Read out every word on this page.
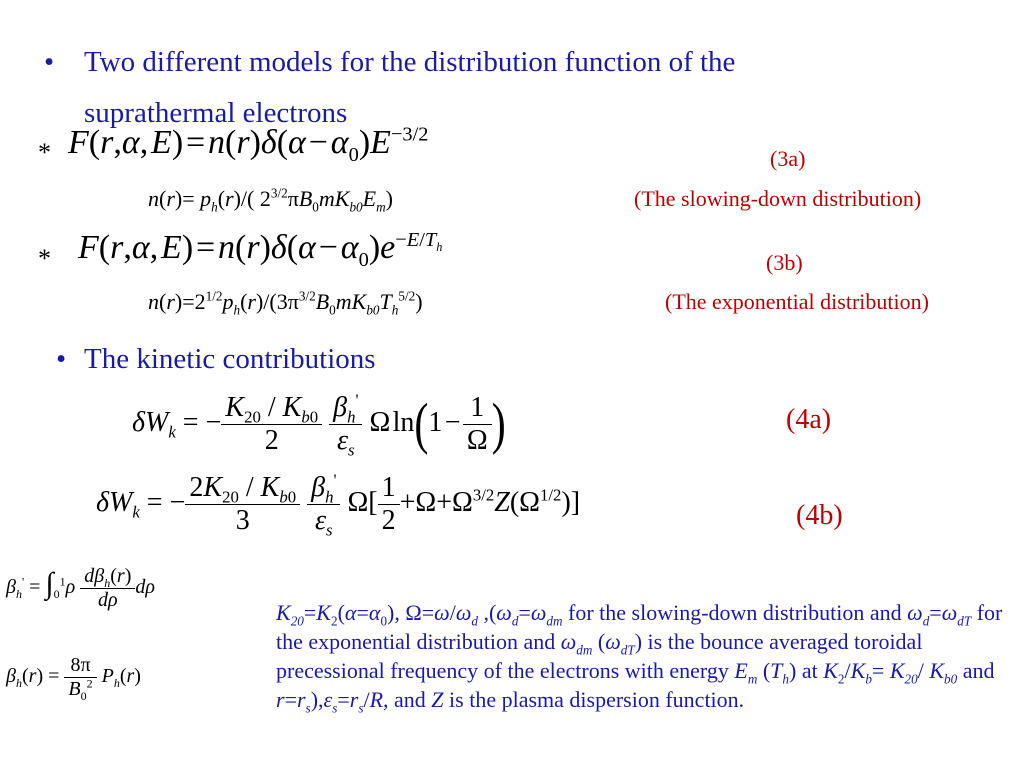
• Two different models for the distribution function of the
suprathermal electrons
* F(r,α, E) = n(r)δ(α − $\alpha_0)E^{-3/2}$
(3a)
$n(r)= p_h(r)/$( $2^{3/2}\pi B_0mK_{b0}E_m$)	(The slowing-down distribution)
* F(r,α, E) = n(r)δ(α − $\alpha_0)e^{-E/T_h}$
(3b)
$n(r)=2^{1/2}p_h(r)/(3\pi^{3/2}B_0mK_{b0}T_h^{5/2})$	(The exponential distribution)
• The kinetic contributions
$\delta W_k$ = − $\frac{K_{20} / K_{b0}}{2}$
$\frac{\beta_h'}{\varepsilon_s}$ Ω ln(1 −  $\frac{1}{\Omega}$ )	(4a)
$\delta W_k$ = − $\frac{2K_{20} / K_{b0}}{3}$
$\frac{\beta_h'}{\varepsilon_s} \Omega[ \frac{1}{2} +\Omega+\Omega^{3/2}Z(\Omega^{1/2})]$	(4b)
$\beta_h' = \int_0^1\rho \frac{d\beta_h(r)}{d\rho}$ dρ
$\beta_h(r) = \frac{8\pi}{B_0^2} P_h(r)$
$K_{20}=K_2(\alpha=\alpha_0)$, $\Omega=\omega/\omega_d$ $,(\omega_d=\omega_{dm}$ for the slowing-down distribution and $\omega_d=\omega_{dT}$ for the exponential distribution and $\omega_{dm}$ $(\omega_{dT})$ is the bounce averaged toroidal precessional frequency of the electrons with energy $E_m$ $(T_h)$ at $K_2/K_b= K_{20}/$ $K_{b0}$ and $r=r_s),\varepsilon_s=r_s/R$, and Z is the plasma dispersion function.
